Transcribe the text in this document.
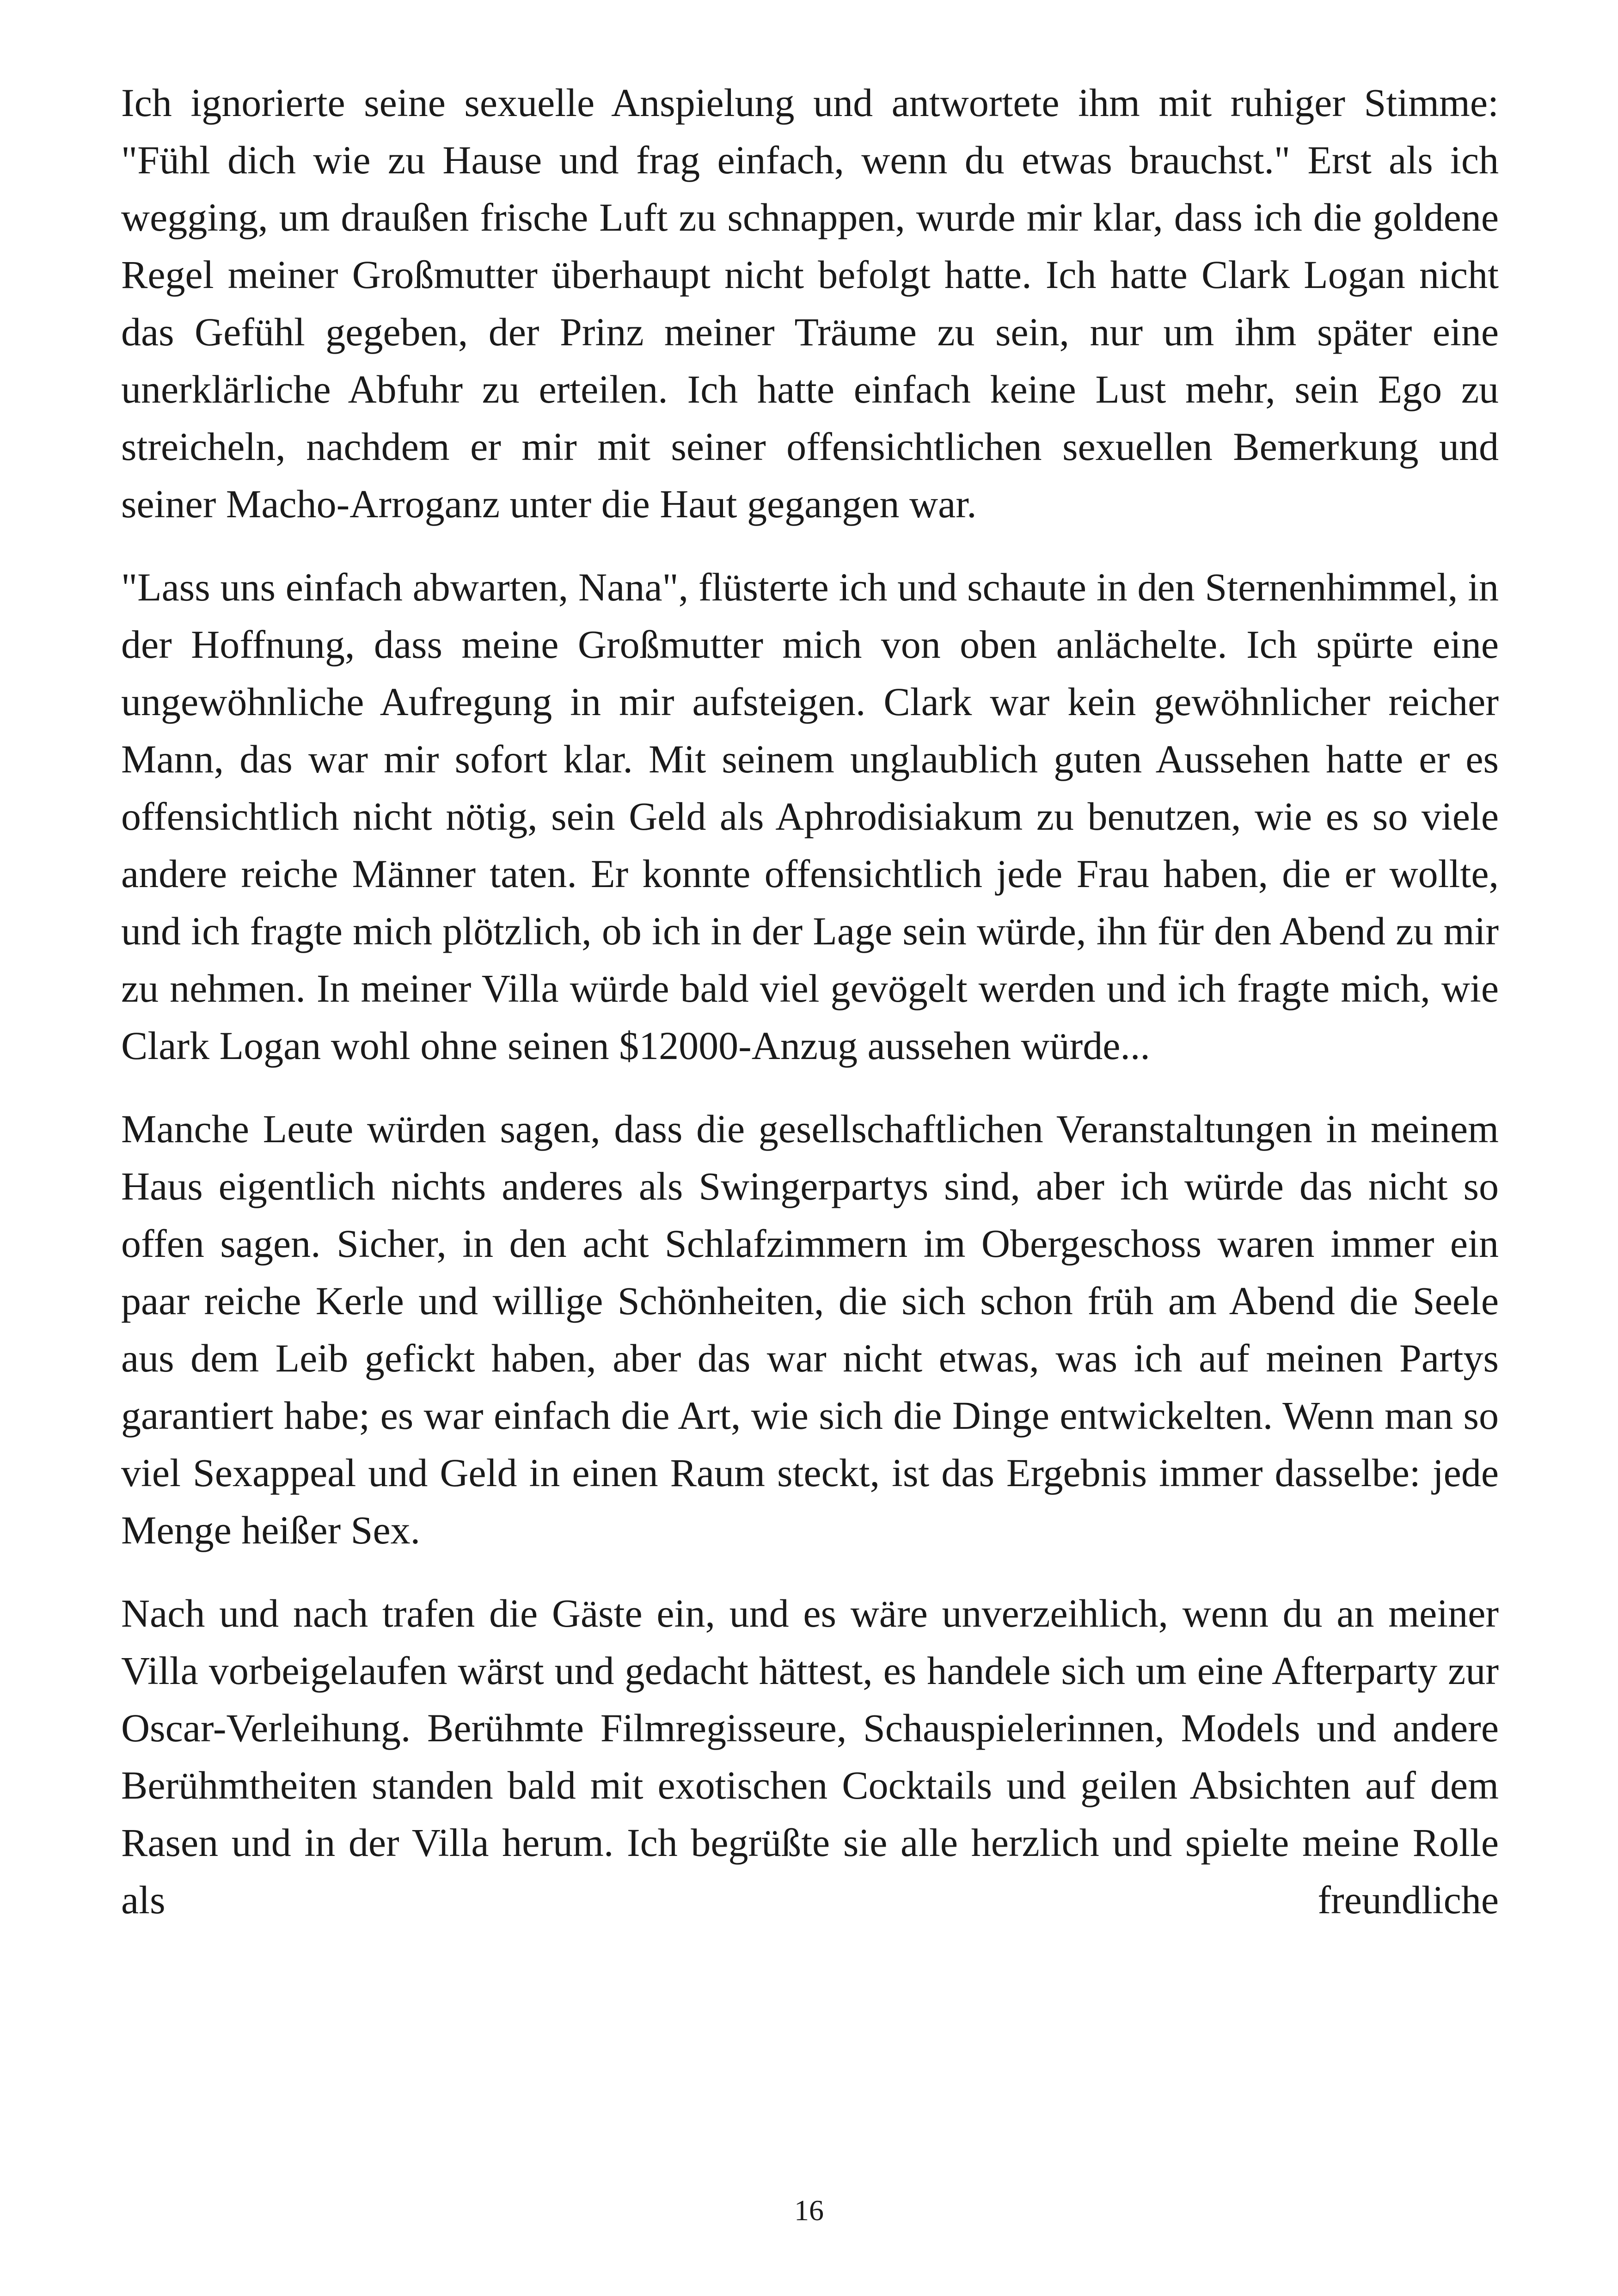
Ich ignorierte seine sexuelle Anspielung und antwortete ihm mit ruhiger Stimme: "Fühl dich wie zu Hause und frag einfach, wenn du etwas brauchst." Erst als ich wegging, um draußen frische Luft zu schnappen, wurde mir klar, dass ich die goldene Regel meiner Großmutter überhaupt nicht befolgt hatte. Ich hatte Clark Logan nicht das Gefühl gegeben, der Prinz meiner Träume zu sein, nur um ihm später eine unerklärliche Abfuhr zu erteilen. Ich hatte einfach keine Lust mehr, sein Ego zu streicheln, nachdem er mir mit seiner offensichtlichen sexuellen Bemerkung und seiner Macho-Arroganz unter die Haut gegangen war.

"Lass uns einfach abwarten, Nana", flüsterte ich und schaute in den Sternenhimmel, in der Hoffnung, dass meine Großmutter mich von oben anlächelte. Ich spürte eine ungewöhnliche Aufregung in mir aufsteigen. Clark war kein gewöhnlicher reicher Mann, das war mir sofort klar. Mit seinem unglaublich guten Aussehen hatte er es offensichtlich nicht nötig, sein Geld als Aphrodisiakum zu benutzen, wie es so viele andere reiche Männer taten. Er konnte offensichtlich jede Frau haben, die er wollte, und ich fragte mich plötzlich, ob ich in der Lage sein würde, ihn für den Abend zu mir zu nehmen. In meiner Villa würde bald viel gevögelt werden und ich fragte mich, wie Clark Logan wohl ohne seinen $12000-Anzug aussehen würde...

Manche Leute würden sagen, dass die gesellschaftlichen Veranstaltungen in meinem Haus eigentlich nichts anderes als Swingerpartys sind, aber ich würde das nicht so offen sagen. Sicher, in den acht Schlafzimmern im Obergeschoss waren immer ein paar reiche Kerle und willige Schönheiten, die sich schon früh am Abend die Seele aus dem Leib gefickt haben, aber das war nicht etwas, was ich auf meinen Partys garantiert habe; es war einfach die Art, wie sich die Dinge entwickelten. Wenn man so viel Sexappeal und Geld in einen Raum steckt, ist das Ergebnis immer dasselbe: jede Menge heißer Sex.

Nach und nach trafen die Gäste ein, und es wäre unverzeihlich, wenn du an meiner Villa vorbeigelaufen wärst und gedacht hättest, es handele sich um eine Afterparty zur Oscar-Verleihung. Berühmte Filmregisseure, Schauspielerinnen, Models und andere Berühmtheiten standen bald mit exotischen Cocktails und geilen Absichten auf dem Rasen und in der Villa herum. Ich begrüßte sie alle herzlich und spielte meine Rolle als freundliche

16
